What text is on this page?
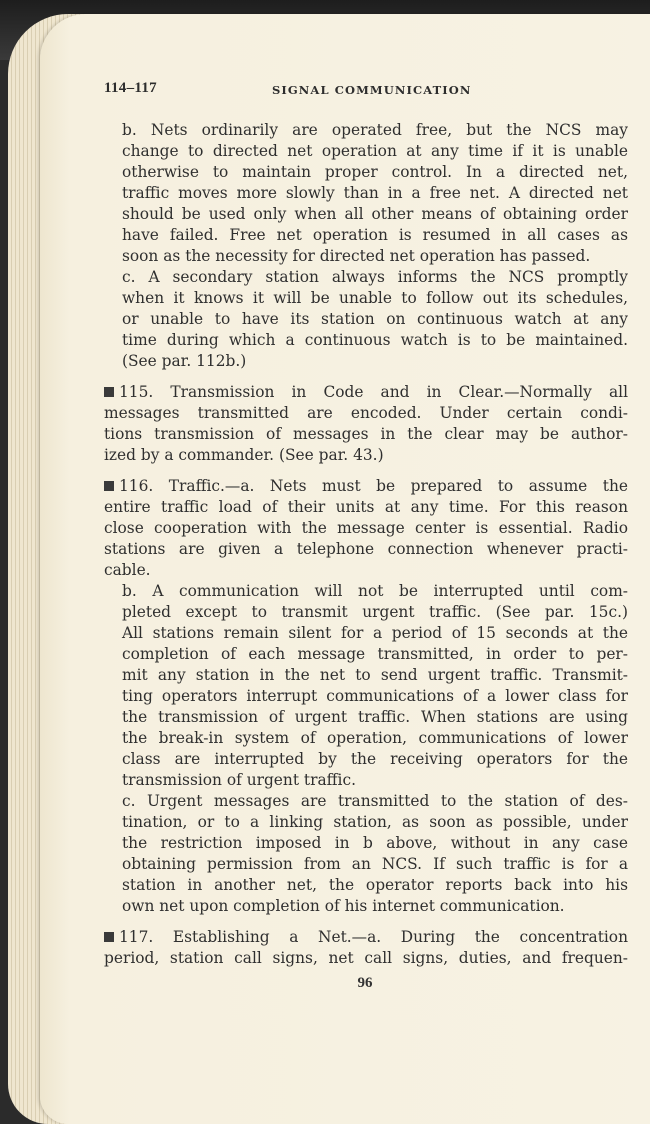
114–117	SIGNAL COMMUNICATION
b. Nets ordinarily are operated free, but the NCS may
change to directed net operation at any time if it is unable
otherwise to maintain proper control. In a directed net,
traffic moves more slowly than in a free net. A directed net
should be used only when all other means of obtaining order
have failed. Free net operation is resumed in all cases as
soon as the necessity for directed net operation has passed.
c. A secondary station always informs the NCS promptly
when it knows it will be unable to follow out its schedules,
or unable to have its station on continuous watch at any
time during which a continuous watch is to be maintained.
(See par. 112b.)
115. Transmission in Code and in Clear.—Normally all
messages transmitted are encoded. Under certain condi-
tions transmission of messages in the clear may be author-
ized by a commander. (See par. 43.)
116. Traffic.—a. Nets must be prepared to assume the
entire traffic load of their units at any time. For this reason
close cooperation with the message center is essential. Radio
stations are given a telephone connection whenever practi-
cable.
b. A communication will not be interrupted until com-
pleted except to transmit urgent traffic. (See par. 15c.)
All stations remain silent for a period of 15 seconds at the
completion of each message transmitted, in order to per-
mit any station in the net to send urgent traffic. Transmit-
ting operators interrupt communications of a lower class for
the transmission of urgent traffic. When stations are using
the break-in system of operation, communications of lower
class are interrupted by the receiving operators for the
transmission of urgent traffic.
c. Urgent messages are transmitted to the station of des-
tination, or to a linking station, as soon as possible, under
the restriction imposed in b above, without in any case
obtaining permission from an NCS. If such traffic is for a
station in another net, the operator reports back into his
own net upon completion of his internet communication.
117. Establishing a Net.—a. During the concentration
period, station call signs, net call signs, duties, and frequen-
96
